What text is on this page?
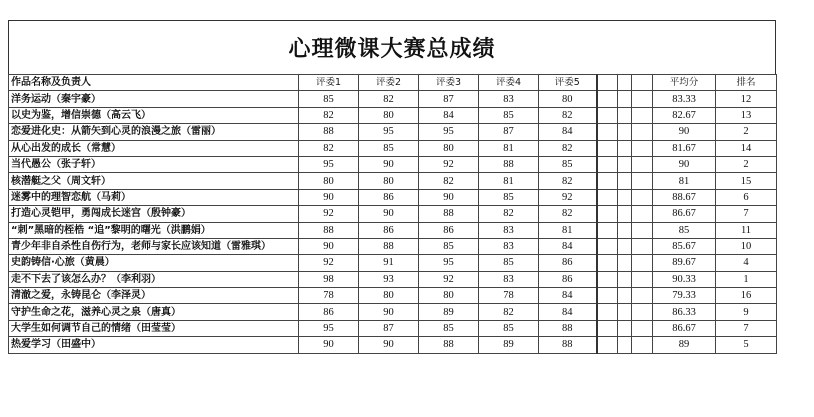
心理微课大赛总成绩
作品名称及负责人	评委1	评委2	评委3	评委4	评委5				平均分	排名
洋务运动（秦宇豪）	85	82	87	83	80				83.33	12
以史为鉴，增信崇德（高云飞）	82	80	84	85	82				82.67	13
恋爱进化史：从箭矢到心灵的浪漫之旅（雷丽）	88	95	95	87	84				90	2
从心出发的成长（常慧）	82	85	80	81	82				81.67	14
当代愚公（张子轩）	95	90	92	88	85				90	2
核潜艇之父（周文轩）	80	80	82	81	82				81	15
迷雾中的理智恋航（马莉）	90	86	90	85	92				88.67	6
打造心灵铠甲，勇闯成长迷宫（殷钟豪）	92	90	88	82	82				86.67	7
“刺”黑暗的桎梏 “追”黎明的曙光（洪鹏娟）	88	86	86	83	81				85	11
青少年非自杀性自伤行为，老师与家长应该知道（雷雅琪）	90	88	85	83	84				85.67	10
史韵铸信·心旅（黄晨）	92	91	95	85	86				89.67	4
走不下去了该怎么办？（李利羽）	98	93	92	83	86				90.33	1
清澈之爱，永铸昆仑（李泽灵）	78	80	80	78	84				79.33	16
守护生命之花，滋养心灵之泉（唐真）	86	90	89	82	84				86.33	9
大学生如何调节自己的情绪（田莹莹）	95	87	85	85	88				86.67	7
热爱学习（田盛中）	90	90	88	89	88				89	5
